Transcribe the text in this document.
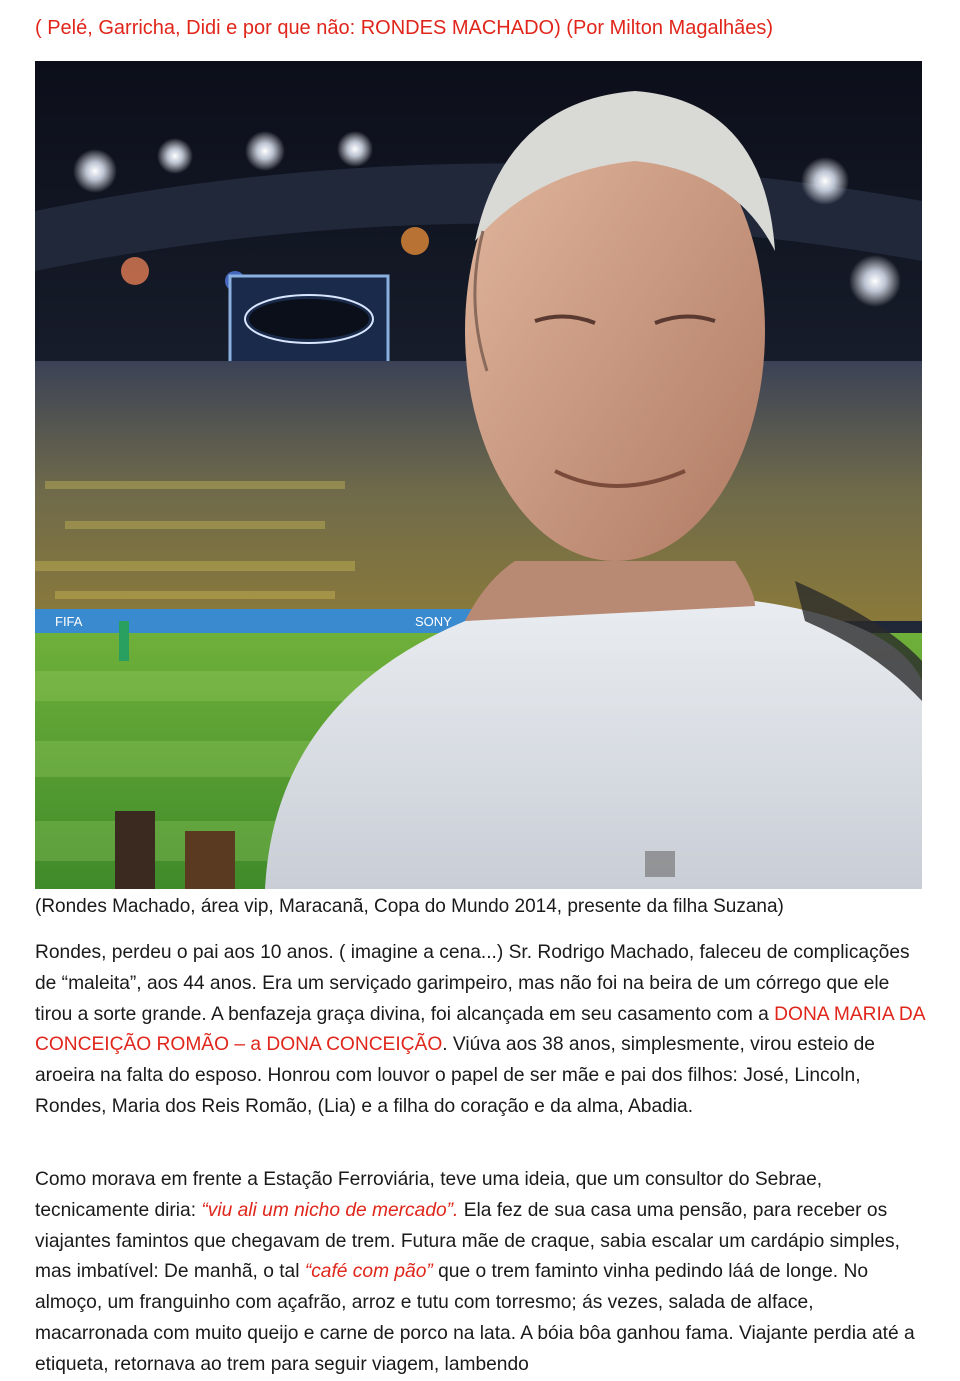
( Pelé, Garricha, Didi e por que não: RONDES MACHADO) (Por Milton Magalhães)
FIFA	SONY
(Rondes Machado, área vip, Maracanã, Copa do Mundo 2014, presente da filha Suzana)

Rondes, perdeu o pai aos 10 anos. ( imagine a cena...) Sr. Rodrigo Machado, faleceu de complicações de “maleita”, aos 44 anos. Era um serviçado garimpeiro, mas não foi na beira de um córrego que ele tirou a sorte grande. A benfazeja graça divina, foi alcançada em seu casamento com a DONA MARIA DA CONCEIÇÃO ROMÃO – a DONA CONCEIÇÃO. Viúva aos 38 anos, simplesmente, virou esteio de aroeira na falta do esposo. Honrou com louvor o papel de ser mãe e pai dos filhos: José, Lincoln, Rondes, Maria dos Reis Romão, (Lia) e a filha do coração e da alma, Abadia.

Como morava em frente a Estação Ferroviária, teve uma ideia, que um consultor do Sebrae, tecnicamente diria: “viu ali um nicho de mercado”. Ela fez de sua casa uma pensão, para receber os viajantes famintos que chegavam de trem. Futura mãe de craque, sabia escalar um cardápio simples, mas imbatível: De manhã, o tal “café com pão” que o trem faminto vinha pedindo láá de longe. No almoço, um franguinho com açafrão, arroz e tutu com torresmo; ás vezes, salada de alface, macarronada com muito queijo e carne de porco na lata. A bóia bôa ganhou fama. Viajante perdia até a etiqueta, retornava ao trem para seguir viagem, lambendo
